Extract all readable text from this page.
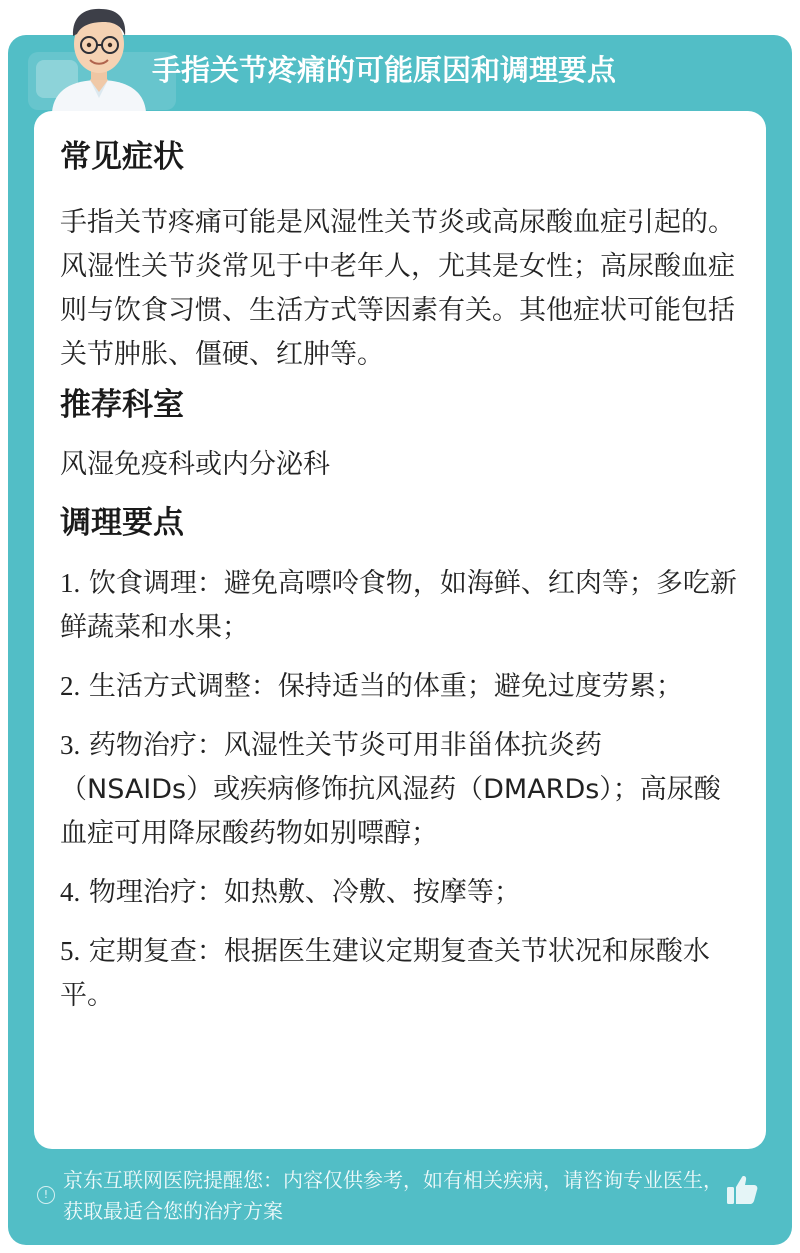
手指关节疼痛的可能原因和调理要点
常见症状

手指关节疼痛可能是风湿性关节炎或高尿酸血症引起的。风湿性关节炎常见于中老年人，尤其是女性；高尿酸血症则与饮食习惯、生活方式等因素有关。其他症状可能包括关节肿胀、僵硬、红肿等。

推荐科室

风湿免疫科或内分泌科

调理要点

1. 饮食调理：避免高嘌呤食物，如海鲜、红肉等；多吃新鲜蔬菜和水果；

2. 生活方式调整：保持适当的体重；避免过度劳累；

3. 药物治疗：风湿性关节炎可用非甾体抗炎药（NSAIDs）或疾病修饰抗风湿药（DMARDs）；高尿酸血症可用降尿酸药物如别嘌醇；

4. 物理治疗：如热敷、冷敷、按摩等；

5. 定期复查：根据医生建议定期复查关节状况和尿酸水平。

!
京东互联网医院提醒您：内容仅供参考，如有相关疾病，请咨询专业医生，获取最适合您的治疗方案
